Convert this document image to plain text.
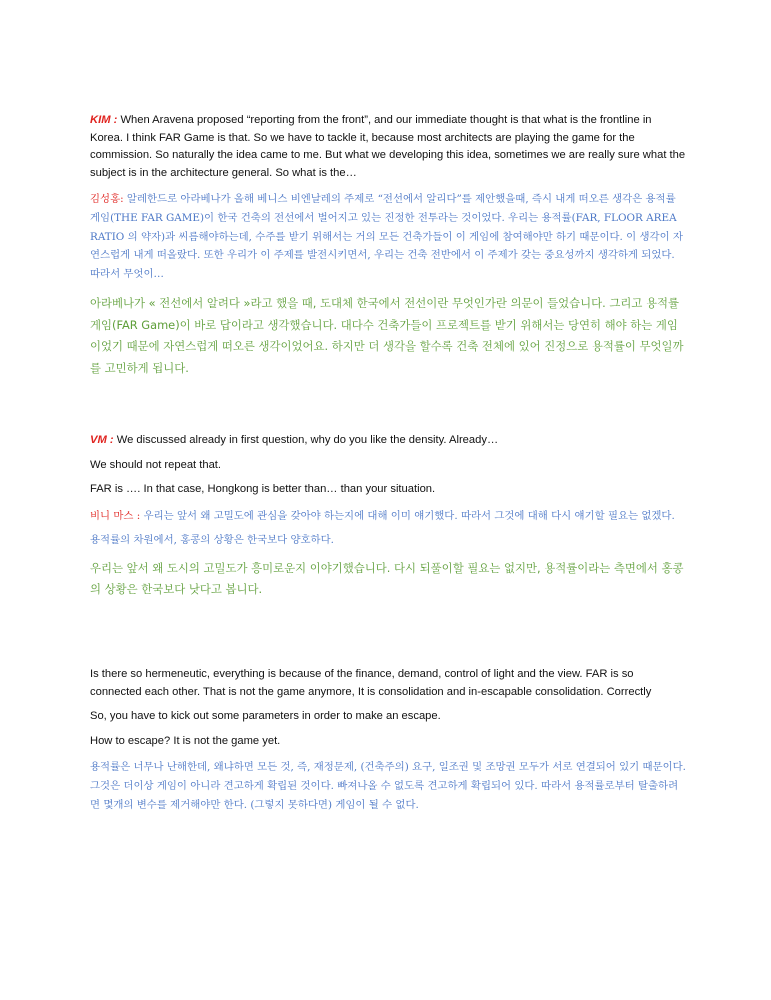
KIM : When Aravena proposed “reporting from the front”, and our immediate thought is that what is the frontline in Korea. I think FAR Game is that. So we have to tackle it, because most architects are playing the game for the commission. So naturally the idea came to me. But what we developing this idea, sometimes we are really sure what the subject is in the architecture general. So what is the…

김성홍: 알레한드로 아라베나가 올해 베니스 비엔날레의 주제로 “전선에서 알리다”를 제안했을때, 즉시 내게 떠오른 생각은 용적률 게임(THE FAR GAME)이 한국 건축의 전선에서 벌어지고 있는 진정한 전투라는 것이었다. 우리는 용적률(FAR, FLOOR AREA RATIO 의 약자)과 씨름해야하는데, 수주를 받기 위해서는 거의 모든 건축가들이 이 게임에 참여해야만 하기 때문이다. 이 생각이 자연스럽게 내게 떠올랐다. 또한 우리가 이 주제를 발전시키면서, 우리는 건축 전반에서 이 주제가 갖는 중요성까지 생각하게 되었다. 따라서 무엇이…

아라베나가 « 전선에서 알려다 »라고 했을 때, 도대체 한국에서 전선이란 무엇인가란 의문이 들었습니다. 그리고 용적률 게임(FAR Game)이 바로 답이라고 생각했습니다. 대다수 건축가들이 프로젝트를 받기 위해서는 당연히 해야 하는 게임이었기 때문에 자연스럽게 떠오른 생각이었어요. 하지만 더 생각을 할수록 건축 전체에 있어 진정으로 용적률이 무엇일까를 고민하게 됩니다.

VM : We discussed already in first question, why do you like the density. Already…

We should not repeat that.

FAR is …. In that case, Hongkong is better than… than your situation.

비니 마스 : 우리는 앞서 왜 고밀도에 관심을 갖아야 하는지에 대해 이미 얘기했다. 따라서 그것에 대해 다시 얘기할 필요는 없겠다.

용적률의 차원에서, 홍콩의 상황은 한국보다 양호하다.

우리는 앞서 왜 도시의 고밀도가 흥미로운지 이야기했습니다. 다시 되풀이할 필요는 없지만, 용적률이라는 측면에서 홍콩의 상황은 한국보다 낫다고 봅니다.

Is there so hermeneutic, everything is because of the finance, demand, control of light and the view. FAR is so connected each other. That is not the game anymore, It is consolidation and in-escapable consolidation. Correctly

So, you have to kick out some parameters in order to make an escape.

How to escape? It is not the game yet.

용적률은 너무나 난해한데, 왜냐하면 모든 것, 즉, 재정문제, (건축주의) 요구, 일조권 및 조망권 모두가 서로 연결되어 있기 때문이다. 그것은 더이상 게임이 아니라 견고하게 확립된 것이다. 빠져나올 수 없도록 견고하게 확립되어 있다. 따라서 용적률로부터 탈출하려면 몇개의 변수를 제거해야만 한다. (그렇지 못하다면) 게임이 될 수 없다.
